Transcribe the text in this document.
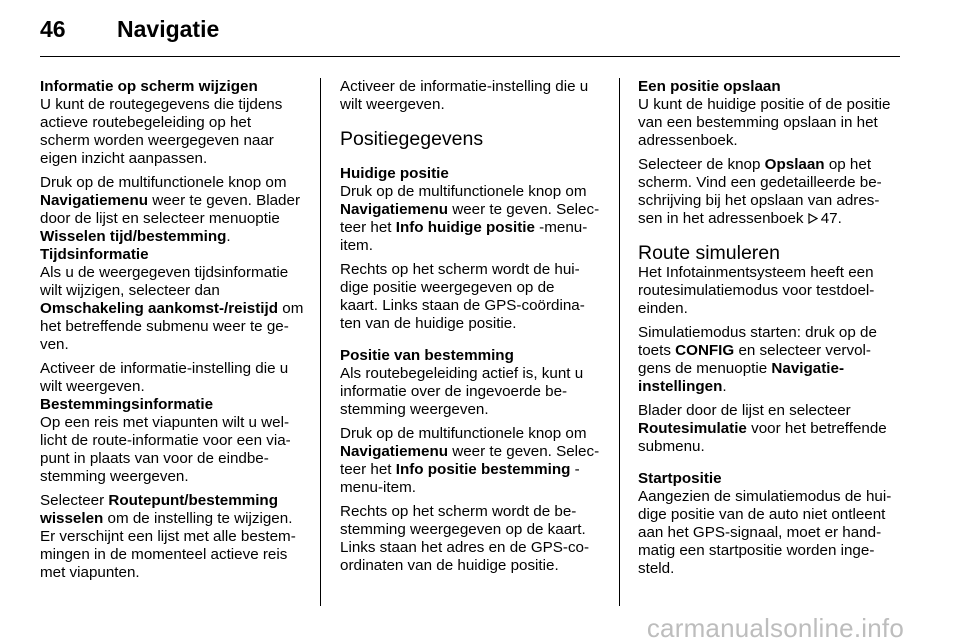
46 Navigatie

Informatie op scherm wijzigen

U kunt de routegegevens die tijdens
actieve routebegeleiding op het
scherm worden weergegeven naar
eigen inzicht aanpassen.

Druk op de multifunctionele knop om
Navigatiemenu weer te geven. Blader
door de lijst en selecteer menuoptie
Wisselen tijd/bestemming.

Tijdsinformatie

Als u de weergegeven tijdsinformatie
wilt wijzigen, selecteer dan
Omschakeling aankomst-/reistijd om
het betreffende submenu weer te ge-
ven.

Activeer de informatie-instelling die u
wilt weergeven.

Bestemmingsinformatie

Op een reis met viapunten wilt u wel-
licht de route-informatie voor een via-
punt in plaats van voor de eindbe-
stemming weergeven.

Selecteer Routepunt/bestemming
wisselen om de instelling te wijzigen.
Er verschijnt een lijst met alle bestem-
mingen in de momenteel actieve reis
met viapunten.

Activeer de informatie-instelling die u
wilt weergeven.

Positiegegevens

Huidige positie

Druk op de multifunctionele knop om
Navigatiemenu weer te geven. Selec-
teer het Info huidige positie -menu-
item.

Rechts op het scherm wordt de hui-
dige positie weergegeven op de
kaart. Links staan de GPS-coördina-
ten van de huidige positie.

Positie van bestemming

Als routebegeleiding actief is, kunt u
informatie over de ingevoerde be-
stemming weergeven.

Druk op de multifunctionele knop om
Navigatiemenu weer te geven. Selec-
teer het Info positie bestemming -
menu-item.

Rechts op het scherm wordt de be-
stemming weergegeven op de kaart.
Links staan het adres en de GPS-co-
ordinaten van de huidige positie.

Een positie opslaan

U kunt de huidige positie of de positie
van een bestemming opslaan in het
adressenboek.

Selecteer de knop Opslaan op het
scherm. Vind een gedetailleerde be-
schrijving bij het opslaan van adres-
sen in het adressenboek 47.

Route simuleren

Het Infotainmentsysteem heeft een
routesimulatiemodus voor testdoel-
einden.

Simulatiemodus starten: druk op de
toets CONFIG en selecteer vervol-
gens de menuoptie Navigatie-
instellingen.

Blader door de lijst en selecteer
Routesimulatie voor het betreffende
submenu.

Startpositie

Aangezien de simulatiemodus de hui-
dige positie van de auto niet ontleent
aan het GPS-signaal, moet er hand-
matig een startpositie worden inge-
steld.

carmanualsonline.info
